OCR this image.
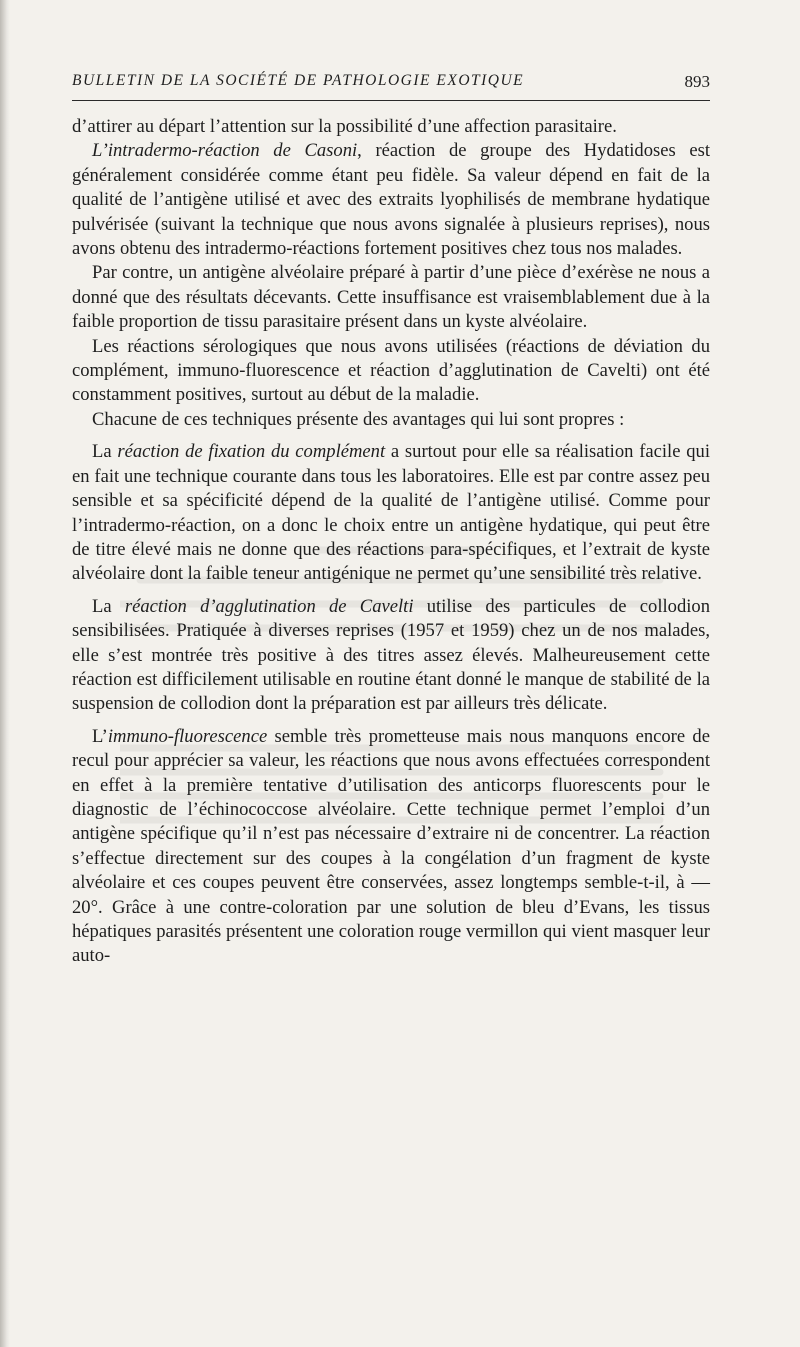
BULLETIN DE LA SOCIÉTÉ DE PATHOLOGIE EXOTIQUE	893

d’attirer au départ l’attention sur la possibilité d’une affection parasitaire.

L’intradermo-réaction de Casoni, réaction de groupe des Hydatidoses est généralement considérée comme étant peu fidèle. Sa valeur dépend en fait de la qualité de l’antigène utilisé et avec des extraits lyophilisés de membrane hydatique pulvérisée (suivant la technique que nous avons signalée à plusieurs reprises), nous avons obtenu des intradermo-réactions fortement positives chez tous nos malades.

Par contre, un antigène alvéolaire préparé à partir d’une pièce d’exérèse ne nous a donné que des résultats décevants. Cette insuffisance est vraisemblablement due à la faible proportion de tissu parasitaire présent dans un kyste alvéolaire.

Les réactions sérologiques que nous avons utilisées (réactions de déviation du complément, immuno-fluorescence et réaction d’agglutination de Cavelti) ont été constamment positives, surtout au début de la maladie.

Chacune de ces techniques présente des avantages qui lui sont propres :

La réaction de fixation du complément a surtout pour elle sa réalisation facile qui en fait une technique courante dans tous les laboratoires. Elle est par contre assez peu sensible et sa spécificité dépend de la qualité de l’antigène utilisé. Comme pour l’intradermo-réaction, on a donc le choix entre un antigène hydatique, qui peut être de titre élevé mais ne donne que des réactions para-spécifiques, et l’extrait de kyste alvéolaire dont la faible teneur antigénique ne permet qu’une sensibilité très relative.

La réaction d’agglutination de Cavelti utilise des particules de collodion sensibilisées. Pratiquée à diverses reprises (1957 et 1959) chez un de nos malades, elle s’est montrée très positive à des titres assez élevés. Malheureusement cette réaction est difficilement utilisable en routine étant donné le manque de stabilité de la suspension de collodion dont la préparation est par ailleurs très délicate.

L’immuno-fluorescence semble très prometteuse mais nous manquons encore de recul pour apprécier sa valeur, les réactions que nous avons effectuées correspondent en effet à la première tentative d’utilisation des anticorps fluorescents pour le diagnostic de l’échinococcose alvéolaire. Cette technique permet l’emploi d’un antigène spécifique qu’il n’est pas nécessaire d’extraire ni de concentrer. La réaction s’effectue directement sur des coupes à la congélation d’un fragment de kyste alvéolaire et ces coupes peuvent être conservées, assez longtemps semble-t-il, à — 20°. Grâce à une contre-coloration par une solution de bleu d’Evans, les tissus hépatiques parasités présentent une coloration rouge vermillon qui vient masquer leur auto-
